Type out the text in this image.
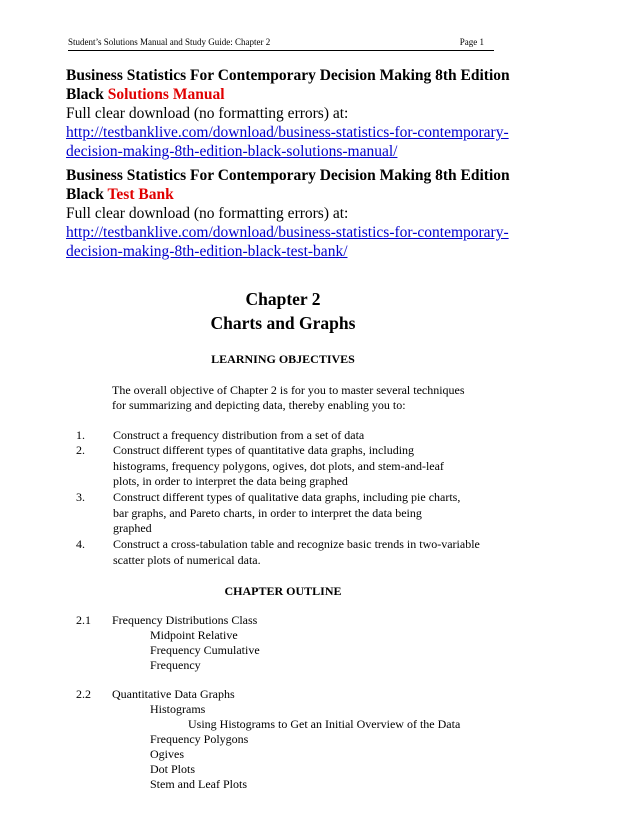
Student’s Solutions Manual and Study Guide: Chapter 2	Page 1
Business Statistics For Contemporary Decision Making 8th Edition
Black Solutions Manual
Full clear download (no formatting errors) at:
http://testbanklive.com/download/business-statistics-for-contemporary-
decision-making-8th-edition-black-solutions-manual/
Business Statistics For Contemporary Decision Making 8th Edition
Black Test Bank
Full clear download (no formatting errors) at:
http://testbanklive.com/download/business-statistics-for-contemporary-
decision-making-8th-edition-black-test-bank/
Chapter 2
Charts and Graphs
LEARNING OBJECTIVES
The overall objective of Chapter 2 is for you to master several techniques
for summarizing and depicting data, thereby enabling you to:
1.	Construct a frequency distribution from a set of data
2.	Construct different types of quantitative data graphs, including
histograms, frequency polygons, ogives, dot plots, and stem-and-leaf
plots, in order to interpret the data being graphed
3.	Construct different types of qualitative data graphs, including pie charts,
bar graphs, and Pareto charts, in order to interpret the data being
graphed
4.	Construct a cross-tabulation table and recognize basic trends in two-variable
scatter plots of numerical data.
CHAPTER OUTLINE
2.1 Frequency Distributions Class
Midpoint Relative
Frequency Cumulative
Frequency
2.2 Quantitative Data Graphs
Histograms
Using Histograms to Get an Initial Overview of the Data
Frequency Polygons
Ogives
Dot Plots
Stem and Leaf Plots
